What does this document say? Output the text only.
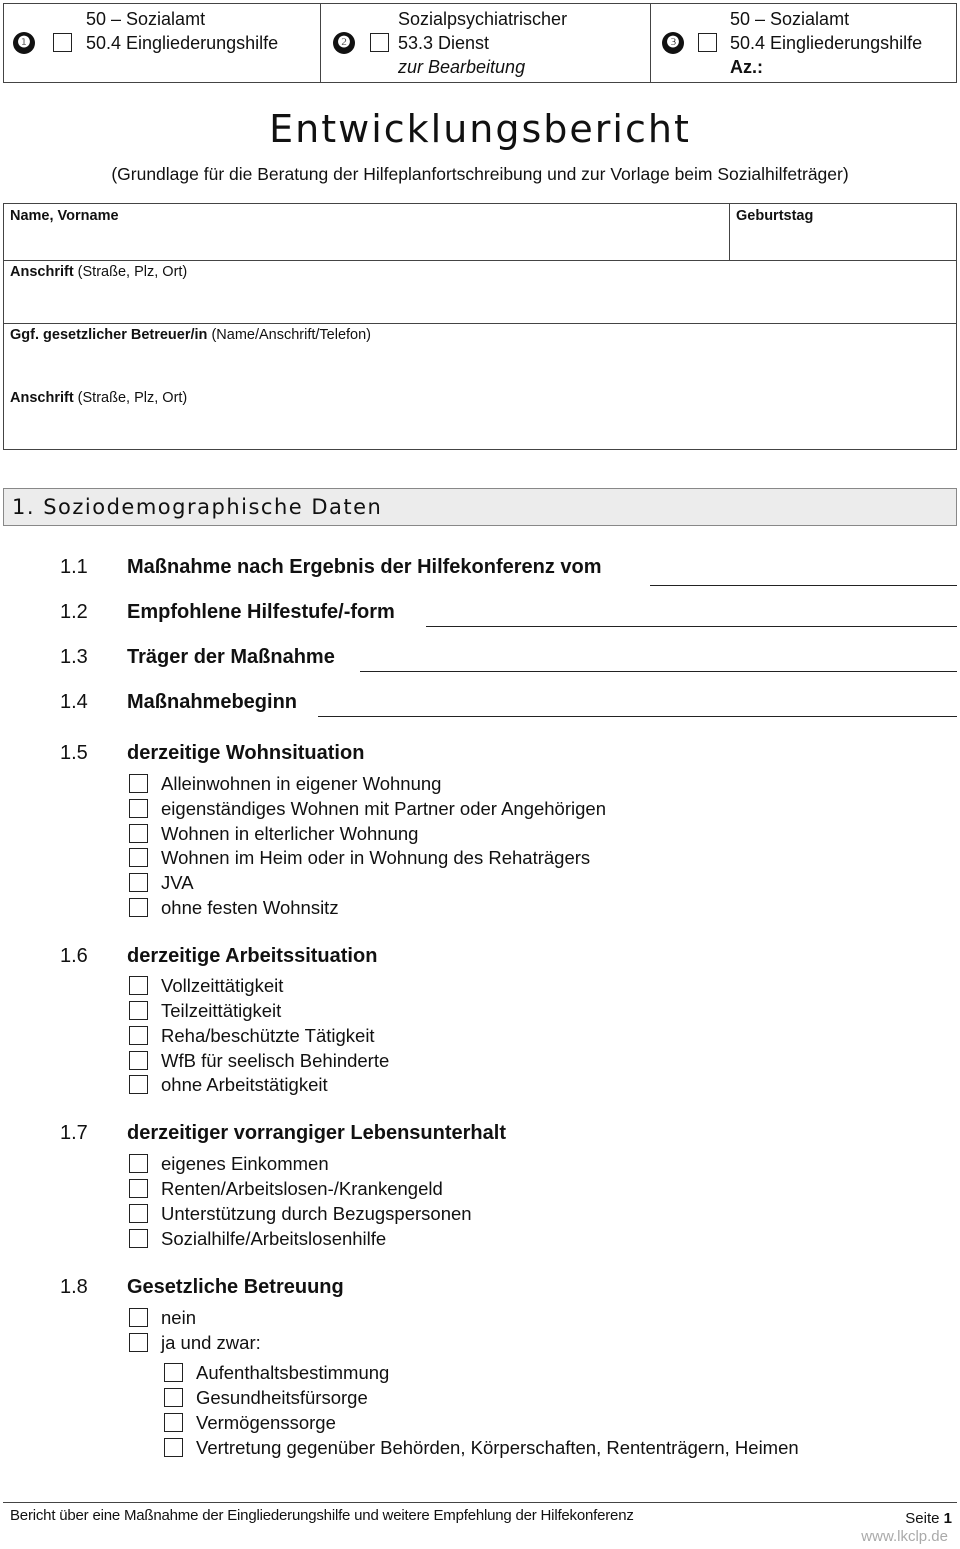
❶
50 – Sozialamt
50.4 Eingliederungshilfe	❷
Sozialpsychiatrischer
53.3 Dienst
zur Bearbeitung
❸
50 – Sozialamt
50.4 Eingliederungshilfe
Az.:
Entwicklungsbericht
(Grundlage für die Beratung der Hilfeplanfortschreibung und zur Vorlage beim Sozialhilfeträger)
Name, Vorname	Geburtstag
Anschrift (Straße, Plz, Ort)
Ggf. gesetzlicher Betreuer/in (Name/Anschrift/Telefon)
Anschrift (Straße, Plz, Ort)
1. Soziodemographische Daten
1.1 Maßnahme nach Ergebnis der Hilfekonferenz vom
1.2 Empfohlene Hilfestufe/-form
1.3 Träger der Maßnahme
1.4 Maßnahmebeginn
1.5 derzeitige Wohnsituation
Alleinwohnen in eigener Wohnung
eigenständiges Wohnen mit Partner oder Angehörigen
Wohnen in elterlicher Wohnung
Wohnen im Heim oder in Wohnung des Rehaträgers
JVA
ohne festen Wohnsitz
1.6 derzeitige Arbeitssituation
Vollzeittätigkeit
Teilzeittätigkeit
Reha/beschützte Tätigkeit
WfB für seelisch Behinderte
ohne Arbeitstätigkeit
1.7 derzeitiger vorrangiger Lebensunterhalt
eigenes Einkommen
Renten/Arbeitslosen-/Krankengeld
Unterstützung durch Bezugspersonen
Sozialhilfe/Arbeitslosenhilfe
1.8 Gesetzliche Betreuung
nein
ja und zwar:
Aufenthaltsbestimmung
Gesundheitsfürsorge
Vermögenssorge
Vertretung gegenüber Behörden, Körperschaften, Rententrägern, Heimen
Bericht über eine Maßnahme der Eingliederungshilfe und weitere Empfehlung der Hilfekonferenz	Seite 1
www.lkclp.de
